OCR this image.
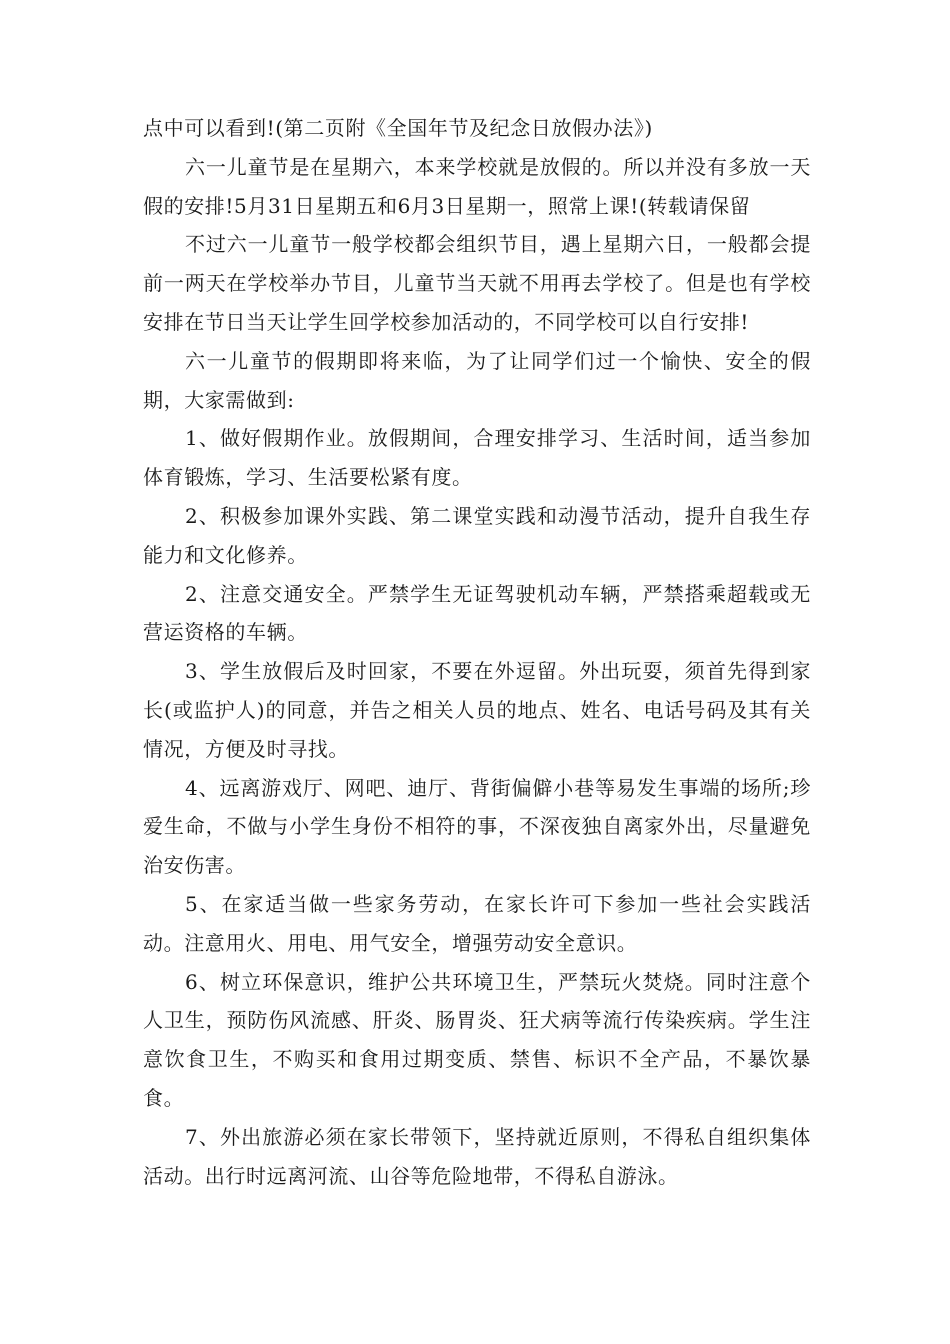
点中可以看到!(第二页附《全国年节及纪念日放假办法》)

六一儿童节是在星期六，本来学校就是放假的。所以并没有多放一天假的安排!5月31日星期五和6月3日星期一，照常上课!(转载请保留

不过六一儿童节一般学校都会组织节目，遇上星期六日，一般都会提前一两天在学校举办节目，儿童节当天就不用再去学校了。但是也有学校安排在节日当天让学生回学校参加活动的，不同学校可以自行安排!

六一儿童节的假期即将来临，为了让同学们过一个愉快、安全的假期，大家需做到:

1、做好假期作业。放假期间，合理安排学习、生活时间，适当参加体育锻炼，学习、生活要松紧有度。

2、积极参加课外实践、第二课堂实践和动漫节活动，提升自我生存能力和文化修养。

2、注意交通安全。严禁学生无证驾驶机动车辆，严禁搭乘超载或无营运资格的车辆。

3、学生放假后及时回家，不要在外逗留。外出玩耍，须首先得到家长(或监护人)的同意，并告之相关人员的地点、姓名、电话号码及其有关情况，方便及时寻找。

4、远离游戏厅、网吧、迪厅、背街偏僻小巷等易发生事端的场所;珍爱生命，不做与小学生身份不相符的事，不深夜独自离家外出，尽量避免治安伤害。

5、在家适当做一些家务劳动，在家长许可下参加一些社会实践活动。注意用火、用电、用气安全，增强劳动安全意识。

6、树立环保意识，维护公共环境卫生，严禁玩火焚烧。同时注意个人卫生，预防伤风流感、肝炎、肠胃炎、狂犬病等流行传染疾病。学生注意饮食卫生，不购买和食用过期变质、禁售、标识不全产品，不暴饮暴食。

7、外出旅游必须在家长带领下，坚持就近原则，不得私自组织集体活动。出行时远离河流、山谷等危险地带，不得私自游泳。
